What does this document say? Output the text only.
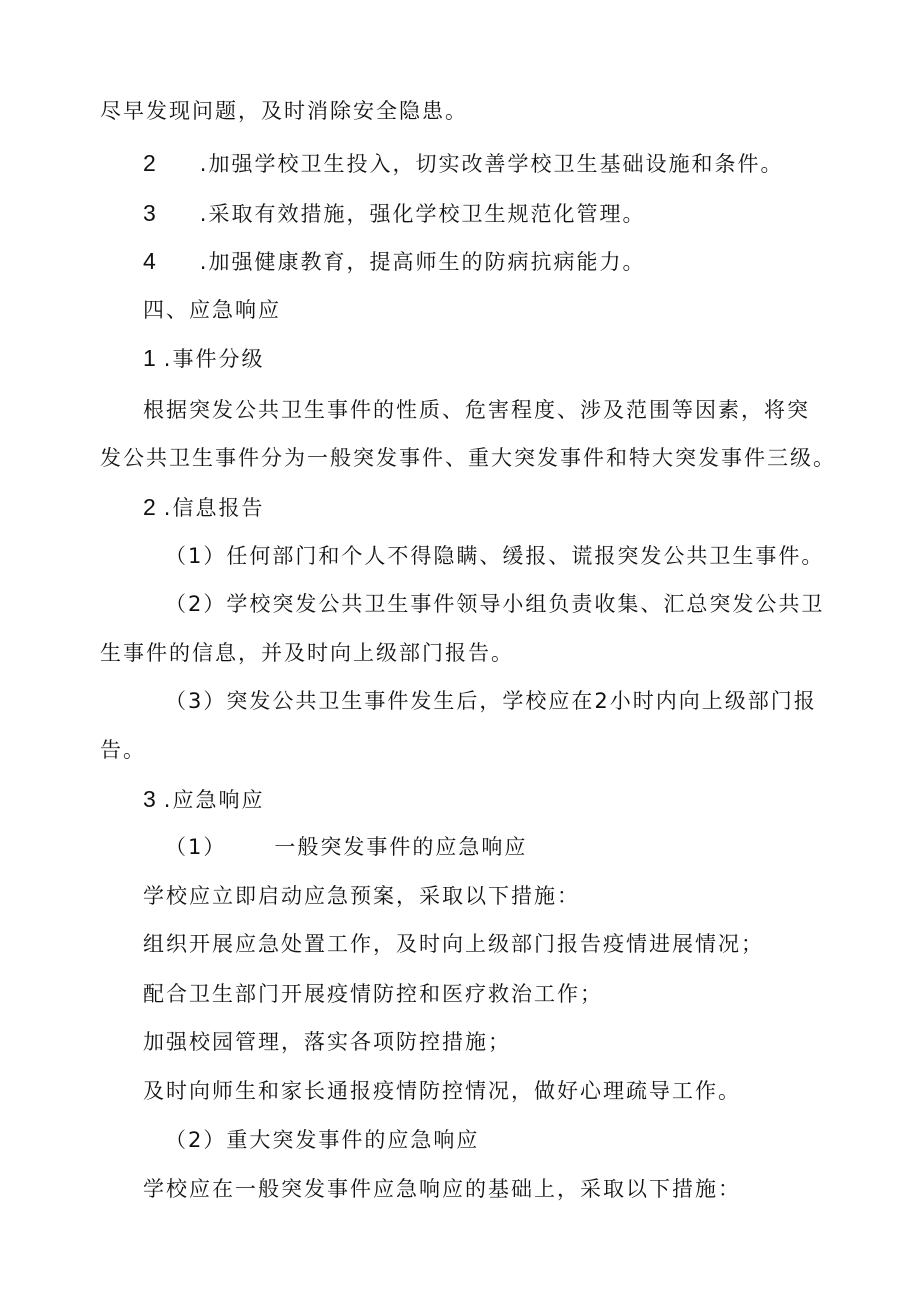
尽早发现问题，及时消除安全隐患。
2 .加强学校卫生投入，切实改善学校卫生基础设施和条件。
3 .采取有效措施，强化学校卫生规范化管理。
4 .加强健康教育，提高师生的防病抗病能力。
四、应急响应
1 .事件分级
根据突发公共卫生事件的性质、危害程度、涉及范围等因素，将突
发公共卫生事件分为一般突发事件、重大突发事件和特大突发事件三级。
2 .信息报告
（1）任何部门和个人不得隐瞒、缓报、谎报突发公共卫生事件。
（2）学校突发公共卫生事件领导小组负责收集、汇总突发公共卫
生事件的信息，并及时向上级部门报告。
（3）突发公共卫生事件发生后，学校应在2小时内向上级部门报
告。
3 .应急响应
（1） 一般突发事件的应急响应
学校应立即启动应急预案，采取以下措施：
组织开展应急处置工作，及时向上级部门报告疫情进展情况；
配合卫生部门开展疫情防控和医疗救治工作；
加强校园管理，落实各项防控措施；
及时向师生和家长通报疫情防控情况，做好心理疏导工作。
（2）重大突发事件的应急响应
学校应在一般突发事件应急响应的基础上，采取以下措施：
